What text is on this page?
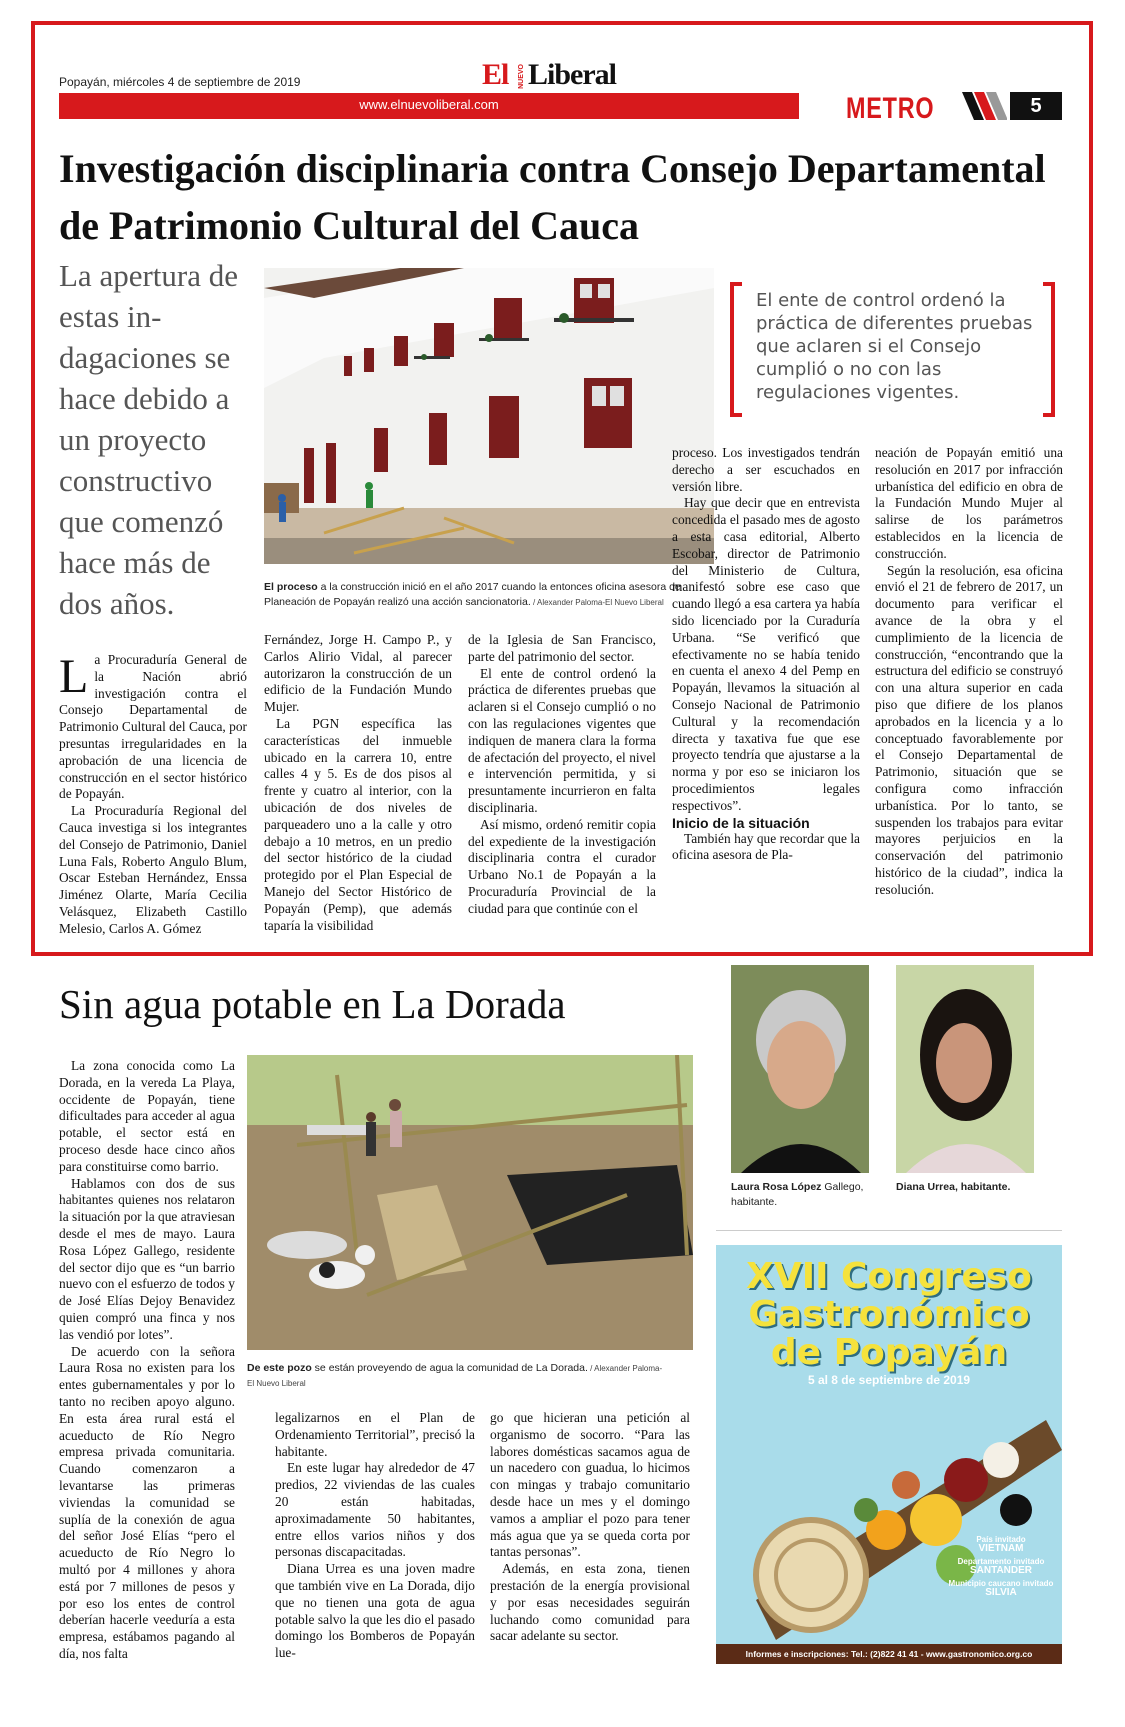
Popayán, miércoles 4 de septiembre de 2019	El NUEVO Liberal
www.elnuevoliberal.com	METRO	5
Investigación disciplinaria contra Consejo Departamental de Patrimonio Cultural del Cauca
La apertura de estas in-dagaciones se hace debido a un proyecto constructivo que comenzó hace más de dos años.	El proceso a la construcción inició en el año 2017 cuando la entonces oficina asesora de Planeación de Popayán realizó una acción sancionatoria. / Alexander Paloma-El Nuevo Liberal
El ente de control ordenó la práctica de diferentes pruebas que aclaren si el Consejo cumplió o no con las regulaciones vigentes.

La Procuraduría General de la Nación abrió investigación contra el Consejo Departamental de Patrimonio Cultural del Cauca, por presuntas irregularidades en la aprobación de una licencia de construcción en el sector histórico de Popayán.

La Procuraduría Regional del Cauca investiga si los integrantes del Consejo de Patrimonio, Daniel Luna Fals, Roberto Angulo Blum, Oscar Esteban Hernández, Enssa Jiménez Olarte, María Cecilia Velásquez, Elizabeth Castillo Melesio, Carlos A. Gómez

Fernández, Jorge H. Campo P., y Carlos Alirio Vidal, al parecer autorizaron la construcción de un edificio de la Fundación Mundo Mujer.

La PGN específica las características del inmueble ubicado en la carrera 10, entre calles 4 y 5. Es de dos pisos al frente y cuatro al interior, con la ubicación de dos niveles de parqueadero uno a la calle y otro debajo a 10 metros, en un predio del sector histórico de la ciudad protegido por el Plan Especial de Manejo del Sector Histórico de Popayán (Pemp), que además taparía la visibilidad

de la Iglesia de San Francisco, parte del patrimonio del sector.

El ente de control ordenó la práctica de diferentes pruebas que aclaren si el Consejo cumplió o no con las regulaciones vigentes que indiquen de manera clara la forma de afectación del proyecto, el nivel e intervención permitida, y si presuntamente incurrieron en falta disciplinaria.

Así mismo, ordenó remitir copia del expediente de la investigación disciplinaria contra el curador Urbano No.1 de Popayán a la Procuraduría Provincial de la ciudad para que continúe con el

proceso. Los investigados tendrán derecho a ser escuchados en versión libre.

Hay que decir que en entrevista concedida el pasado mes de agosto a esta casa editorial, Alberto Escobar, director de Patrimonio del Ministerio de Cultura, manifestó sobre ese caso que cuando llegó a esa cartera ya había sido licenciado por la Curaduría Urbana. “Se verificó que efectivamente no se había tenido en cuenta el anexo 4 del Pemp en Popayán, llevamos la situación al Consejo Nacional de Patrimonio Cultural y la recomendación directa y taxativa fue que ese proyecto tendría que ajustarse a la norma y por eso se iniciaron los procedimientos legales respectivos”.

Inicio de la situación

También hay que recordar que la oficina asesora de Pla-

neación de Popayán emitió una resolución en 2017 por infracción urbanística del edificio en obra de la Fundación Mundo Mujer al salirse de los parámetros establecidos en la licencia de construcción.

Según la resolución, esa oficina envió el 21 de febrero de 2017, un documento para verificar el avance de la obra y el cumplimiento de la licencia de construcción, “encontrando que la estructura del edificio se construyó con una altura superior en cada piso que difiere de los planos aprobados en la licencia y a lo conceptuado favorablemente por el Consejo Departamental de Patrimonio, situación que se configura como infracción urbanística. Por lo tanto, se suspenden los trabajos para evitar mayores perjuicios en la conservación del patrimonio histórico de la ciudad”, indica la resolución.

Sin agua potable en La Dorada
De este pozo se están proveyendo de agua la comunidad de La Dorada. / Alexander Paloma-El Nuevo Liberal

La zona conocida como La Dorada, en la vereda La Playa, occidente de Popayán, tiene dificultades para acceder al agua potable, el sector está en proceso desde hace cinco años para constituirse como barrio.

Hablamos con dos de sus habitantes quienes nos relataron la situación por la que atraviesan desde el mes de mayo. Laura Rosa López Gallego, residente del sector dijo que es “un barrio nuevo con el esfuerzo de todos y de José Elías Dejoy Benavidez quien compró una finca y nos las vendió por lotes”.

De acuerdo con la señora Laura Rosa no existen para los entes gubernamentales y por lo tanto no reciben apoyo alguno. En esta área rural está el acueducto de Río Negro empresa privada comunitaria. Cuando comenzaron a levantarse las primeras viviendas la comunidad se suplía de la conexión de agua del señor José Elías “pero el acueducto de Río Negro lo multó por 4 millones y ahora está por 7 millones de pesos y por eso los entes de control deberían hacerle veeduría a esta empresa, estábamos pagando al día, nos falta

legalizarnos en el Plan de Ordenamiento Territorial”, precisó la habitante.

En este lugar hay alrededor de 47 predios, 22 viviendas de las cuales 20 están habitadas, aproximadamente 50 habitantes, entre ellos varios niños y dos personas discapacitadas.

Diana Urrea es una joven madre que también vive en La Dorada, dijo que no tienen una gota de agua potable salvo la que les dio el pasado domingo los Bomberos de Popayán lue-

go que hicieran una petición al organismo de socorro. “Para las labores domésticas sacamos agua de un nacedero con guadua, lo hicimos con mingas y trabajo comunitario desde hace un mes y el domingo vamos a ampliar el pozo para tener más agua que ya se queda corta por tantas personas”.

Además, en esta zona, tienen prestación de la energía provisional y por esas necesidades seguirán luchando como comunidad para sacar adelante su sector.

Laura Rosa López Gallego, habitante.
Diana Urrea, habitante.
XVII Congreso
Gastronómico
de Popayán
5 al 8 de septiembre de 2019
País invitado
VIETNAM
Departamento invitado
SANTANDER
Municipio caucano invitado
SILVIA
Informes e inscripciones: Tel.: (2)822 41 41 - www.gastronomico.org.co
